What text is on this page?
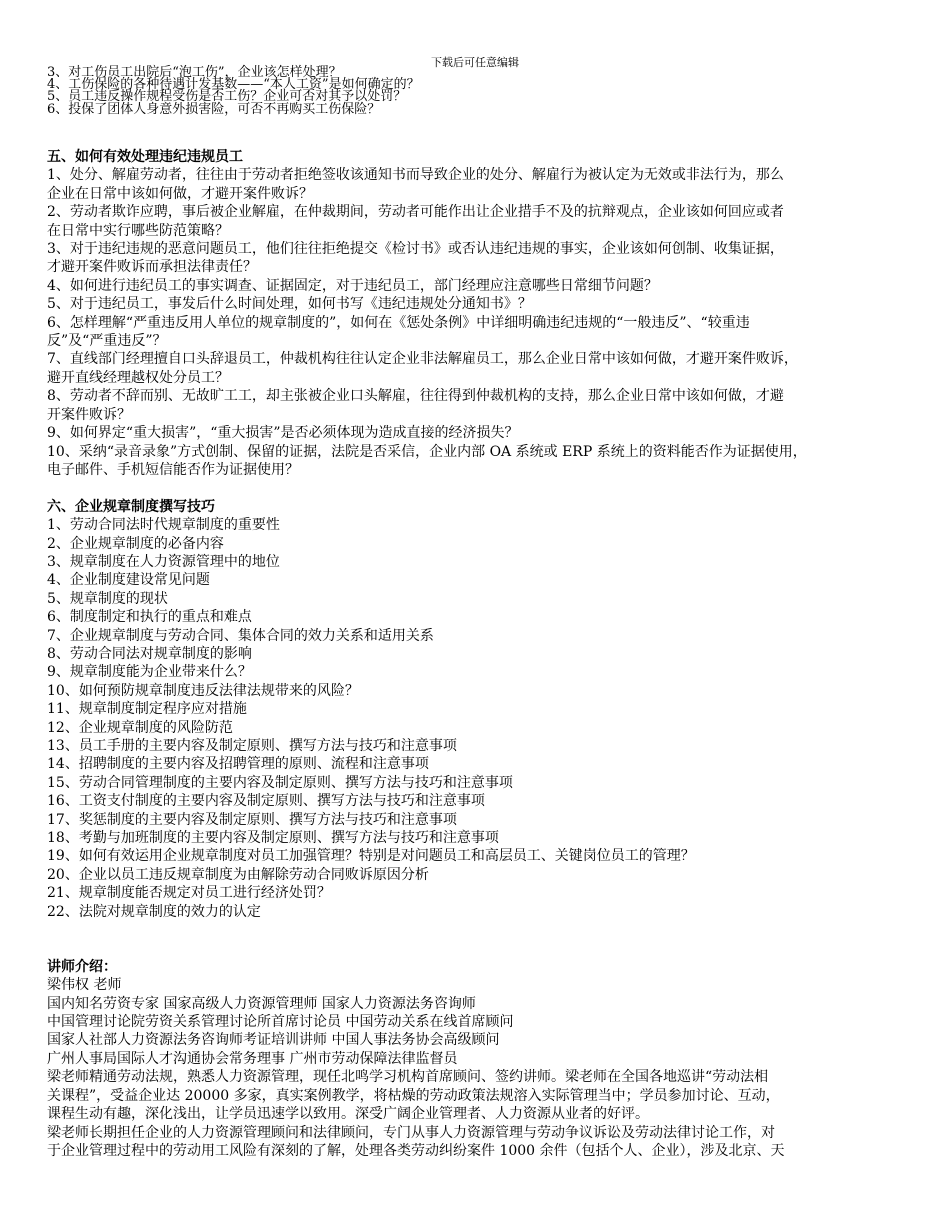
下载后可任意编辑
3、对工伤员工出院后“泡工伤”，企业该怎样处理？
4、工伤保险的各种待遇计发基数——“本人工资”是如何确定的？
5、员工违反操作规程受伤是否工伤？企业可否对其予以处罚？
6、投保了团体人身意外损害险，可否不再购买工伤保险？
五、如何有效处理违纪违规员工
1、处分、解雇劳动者，往往由于劳动者拒绝签收该通知书而导致企业的处分、解雇行为被认定为无效或非法行为，那么
企业在日常中该如何做，才避开案件败诉？
2、劳动者欺诈应聘，事后被企业解雇，在仲裁期间，劳动者可能作出让企业措手不及的抗辩观点，企业该如何回应或者
在日常中实行哪些防范策略？
3、对于违纪违规的恶意问题员工，他们往往拒绝提交《检讨书》或否认违纪违规的事实，企业该如何创制、收集证据，
才避开案件败诉而承担法律责任？
4、如何进行违纪员工的事实调查、证据固定，对于违纪员工，部门经理应注意哪些日常细节问题？
5、对于违纪员工，事发后什么时间处理，如何书写《违纪违规处分通知书》？
6、怎样理解“严重违反用人单位的规章制度的”，如何在《惩处条例》中详细明确违纪违规的“一般违反”、“较重违
反”及“严重违反”？
7、直线部门经理擅自口头辞退员工，仲裁机构往往认定企业非法解雇员工，那么企业日常中该如何做，才避开案件败诉，
避开直线经理越权处分员工？
8、劳动者不辞而别、无故旷工工，却主张被企业口头解雇，往往得到仲裁机构的支持，那么企业日常中该如何做，才避
开案件败诉？
9、如何界定“重大损害”，“重大损害”是否必须体现为造成直接的经济损失？
10、采纳“录音录象”方式创制、保留的证据，法院是否采信，企业内部 OA 系统或 ERP 系统上的资料能否作为证据使用，
电子邮件、手机短信能否作为证据使用？
六、企业规章制度撰写技巧
1、劳动合同法时代规章制度的重要性
2、企业规章制度的必备内容
3、规章制度在人力资源管理中的地位
4、企业制度建设常见问题
5、规章制度的现状
6、制度制定和执行的重点和难点
7、企业规章制度与劳动合同、集体合同的效力关系和适用关系
8、劳动合同法对规章制度的影响
9、规章制度能为企业带来什么？
10、如何预防规章制度违反法律法规带来的风险？
11、规章制度制定程序应对措施
12、企业规章制度的风险防范
13、员工手册的主要内容及制定原则、撰写方法与技巧和注意事项
14、招聘制度的主要内容及招聘管理的原则、流程和注意事项
15、劳动合同管理制度的主要内容及制定原则、撰写方法与技巧和注意事项
16、工资支付制度的主要内容及制定原则、撰写方法与技巧和注意事项
17、奖惩制度的主要内容及制定原则、撰写方法与技巧和注意事项
18、考勤与加班制度的主要内容及制定原则、撰写方法与技巧和注意事项
19、如何有效运用企业规章制度对员工加强管理？特别是对问题员工和高层员工、关键岗位员工的管理？
20、企业以员工违反规章制度为由解除劳动合同败诉原因分析
21、规章制度能否规定对员工进行经济处罚？
22、法院对规章制度的效力的认定
讲师介绍：
梁伟权 老师
国内知名劳资专家 国家高级人力资源管理师 国家人力资源法务咨询师
中国管理讨论院劳资关系管理讨论所首席讨论员 中国劳动关系在线首席顾问
国家人社部人力资源法务咨询师考证培训讲师 中国人事法务协会高级顾问
广州人事局国际人才沟通协会常务理事 广州市劳动保障法律监督员
梁老师精通劳动法规，熟悉人力资源管理，现任北鸣学习机构首席顾问、签约讲师。梁老师在全国各地巡讲“劳动法相
关课程”，受益企业达 20000 多家，真实案例教学，将枯燥的劳动政策法规溶入实际管理当中；学员参加讨论、互动，
课程生动有趣，深化浅出，让学员迅速学以致用。深受广阔企业管理者、人力资源从业者的好评。
梁老师长期担任企业的人力资源管理顾问和法律顾问，专门从事人力资源管理与劳动争议诉讼及劳动法律讨论工作，对
于企业管理过程中的劳动用工风险有深刻的了解，处理各类劳动纠纷案件 1000 余件（包括个人、企业），涉及北京、天
